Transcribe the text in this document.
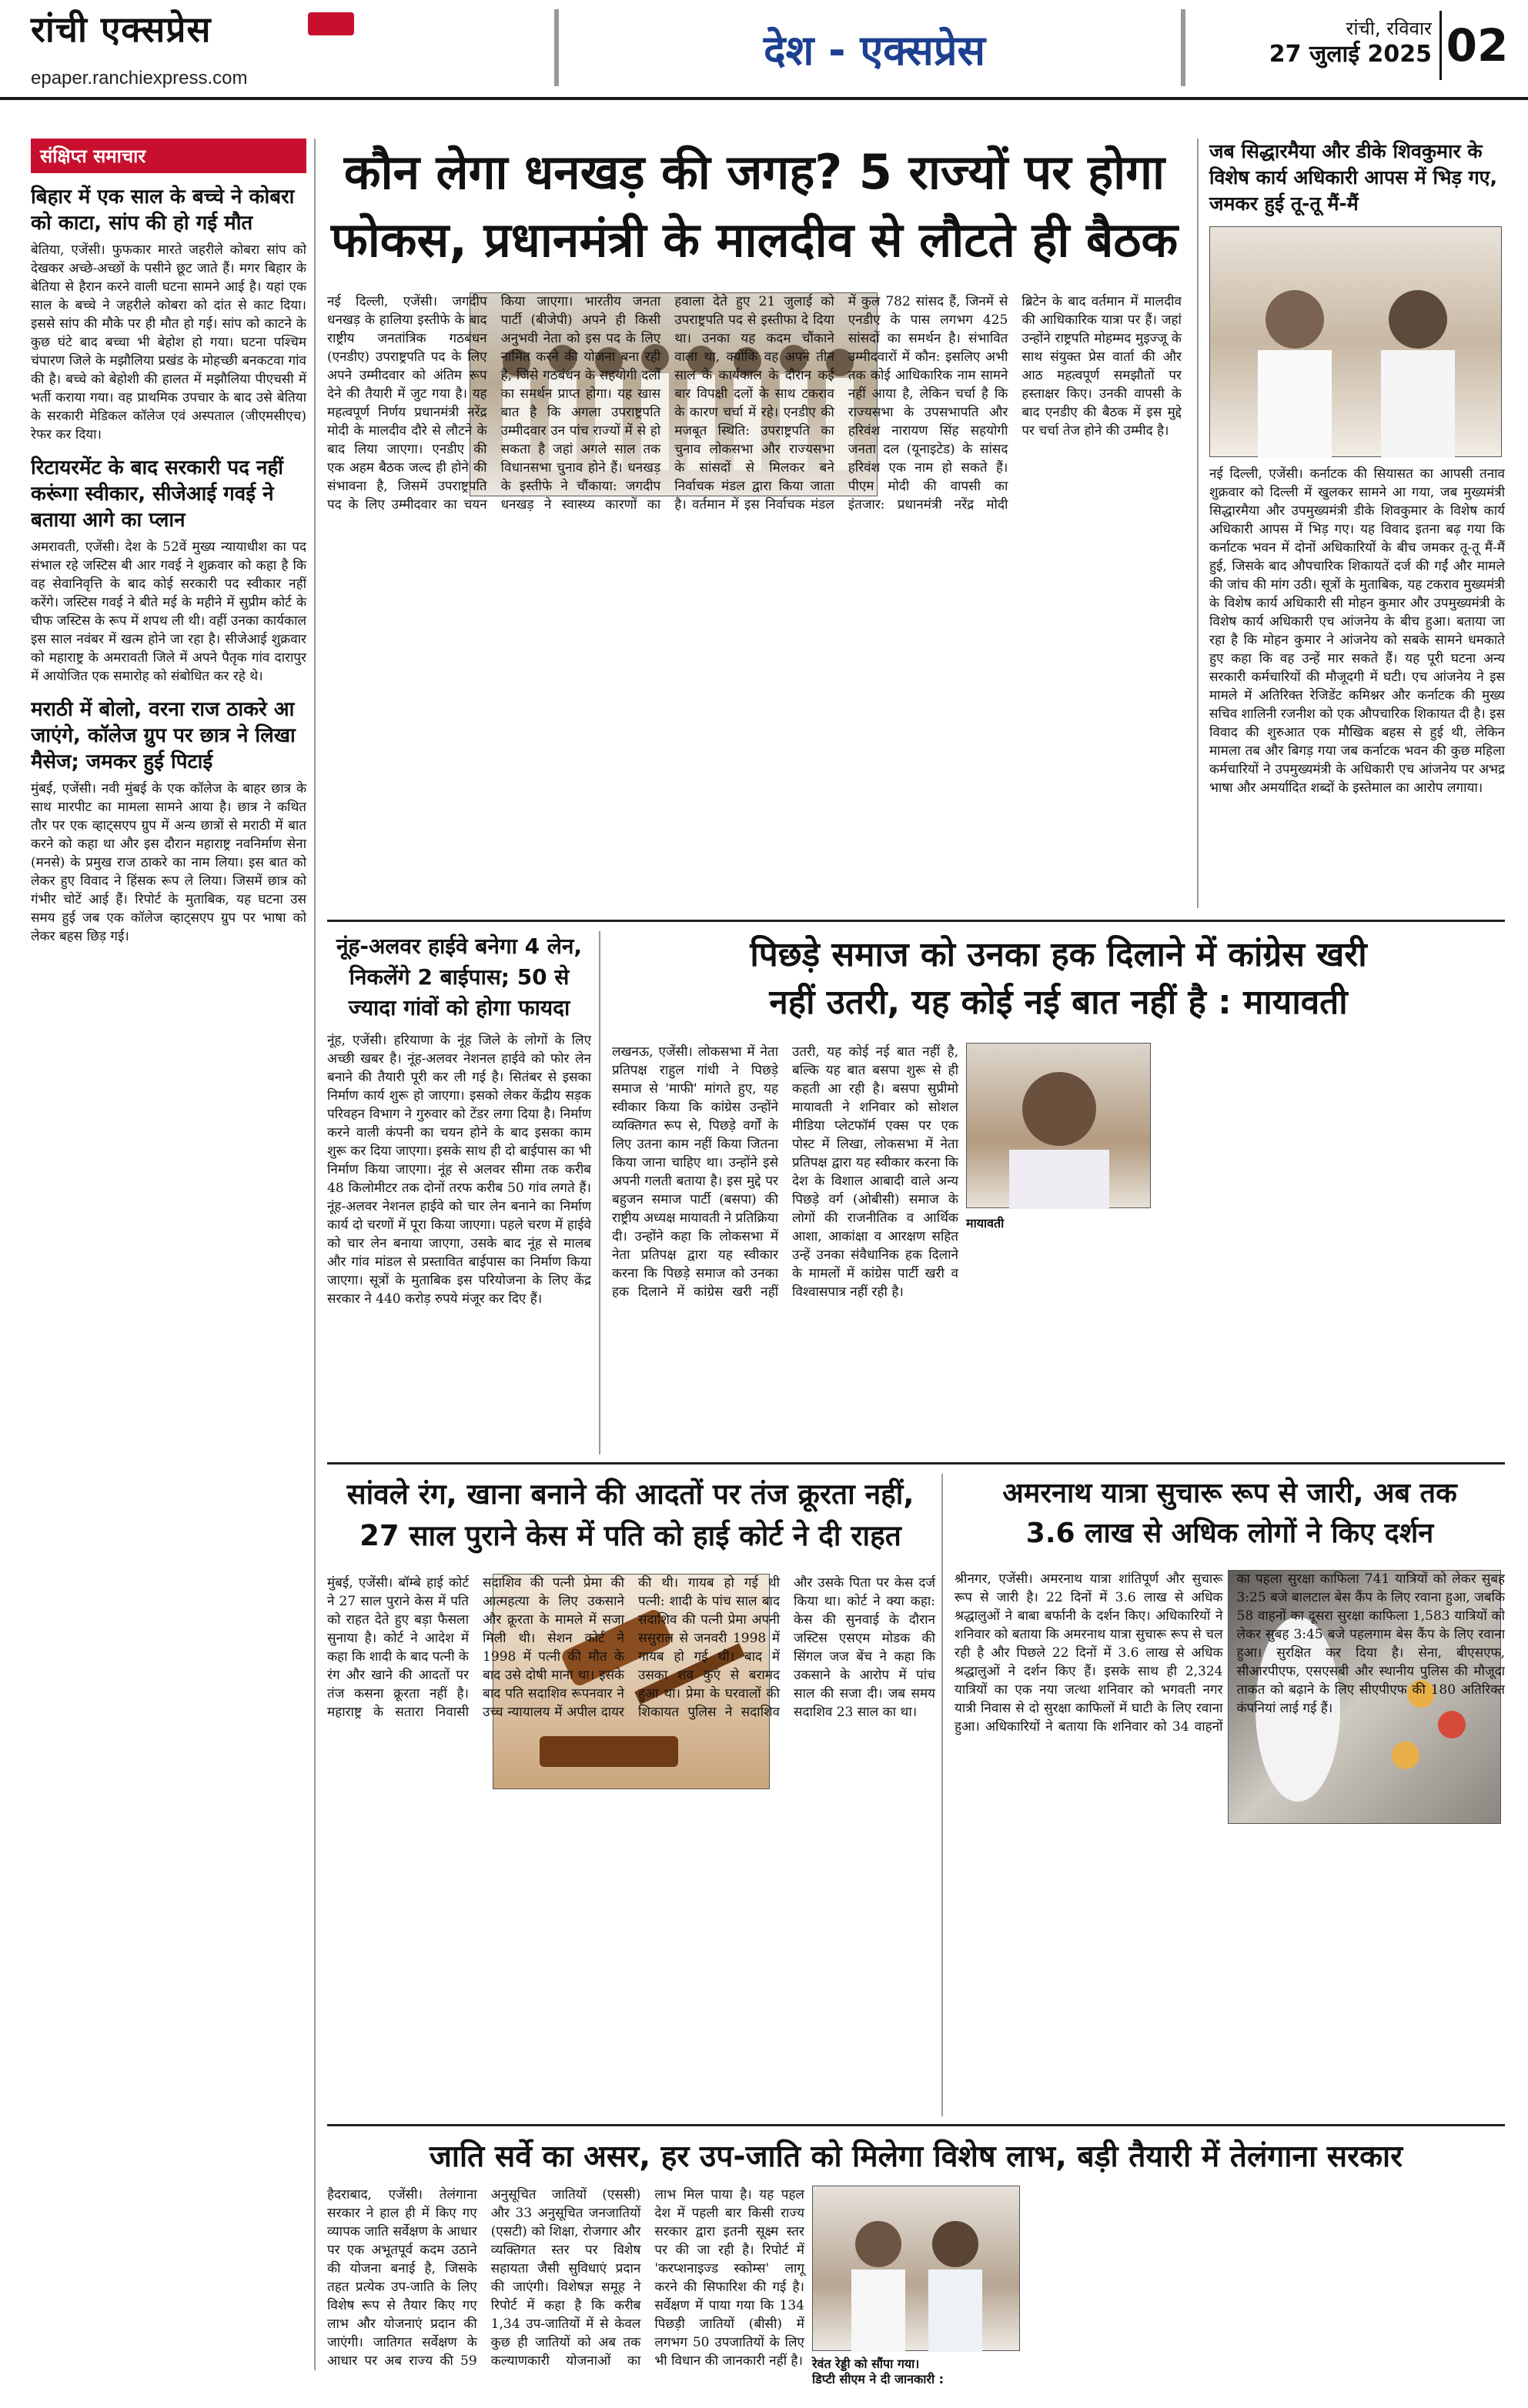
रांची एक्सप्रेस
epaper.ranchiexpress.com
देश - एक्सप्रेस	रांची, रविवार
27 जुलाई 2025 02
संक्षिप्त समाचार
बिहार में एक साल के बच्चे ने कोबरा को काटा, सांप की हो गई मौत

बेतिया, एजेंसी। फुफकार मारते जहरीले कोबरा सांप को देखकर अच्छे-अच्छों के पसीने छूट जाते हैं। मगर बिहार के बेतिया से हैरान करने वाली घटना सामने आई है। यहां एक साल के बच्चे ने जहरीले कोबरा को दांत से काट दिया। इससे सांप की मौके पर ही मौत हो गई। सांप को काटने के कुछ घंटे बाद बच्चा भी बेहोश हो गया। घटना पश्चिम चंपारण जिले के मझौलिया प्रखंड के मोहच्छी बनकटवा गांव की है। बच्चे को बेहोशी की हालत में मझौलिया पीएचसी में भर्ती कराया गया। वह प्राथमिक उपचार के बाद उसे बेतिया के सरकारी मेडिकल कॉलेज एवं अस्पताल (जीएमसीएच) रेफर कर दिया।

रिटायरमेंट के बाद सरकारी पद नहीं करूंगा स्वीकार, सीजेआई गवई ने बताया आगे का प्लान

अमरावती, एजेंसी। देश के 52वें मुख्य न्यायाधीश का पद संभाल रहे जस्टिस बी आर गवई ने शुक्रवार को कहा है कि वह सेवानिवृत्ति के बाद कोई सरकारी पद स्वीकार नहीं करेंगे। जस्टिस गवई ने बीते मई के महीने में सुप्रीम कोर्ट के चीफ जस्टिस के रूप में शपथ ली थी। वहीं उनका कार्यकाल इस साल नवंबर में खत्म होने जा रहा है। सीजेआई शुक्रवार को महाराष्ट्र के अमरावती जिले में अपने पैतृक गांव दारापुर में आयोजित एक समारोह को संबोधित कर रहे थे।

मराठी में बोलो, वरना राज ठाकरे आ जाएंगे, कॉलेज ग्रुप पर छात्र ने लिखा मैसेज; जमकर हुई पिटाई

मुंबई, एजेंसी। नवी मुंबई के एक कॉलेज के बाहर छात्र के साथ मारपीट का मामला सामने आया है। छात्र ने कथित तौर पर एक व्हाट्सएप ग्रुप में अन्य छात्रों से मराठी में बात करने को कहा था और इस दौरान महाराष्ट्र नवनिर्माण सेना (मनसे) के प्रमुख राज ठाकरे का नाम लिया। इस बात को लेकर हुए विवाद ने हिंसक रूप ले लिया। जिसमें छात्र को गंभीर चोटें आई हैं। रिपोर्ट के मुताबिक, यह घटना उस समय हुई जब एक कॉलेज व्हाट्सएप ग्रुप पर भाषा को लेकर बहस छिड़ गई।

कौन लेगा धनखड़ की जगह? 5 राज्यों पर होगा
फोकस, प्रधानमंत्री के मालदीव से लौटते ही बैठक
नई दिल्ली, एजेंसी। जगदीप धनखड़ के हालिया इस्तीफे के बाद राष्ट्रीय जनतांत्रिक गठबंधन (एनडीए) उपराष्ट्रपति पद के लिए अपने उम्मीदवार को अंतिम रूप देने की तैयारी में जुट गया है। यह महत्वपूर्ण निर्णय प्रधानमंत्री नरेंद्र मोदी के मालदीव दौरे से लौटने के बाद लिया जाएगा। एनडीए की एक अहम बैठक जल्द ही होने की संभावना है, जिसमें उपराष्ट्रपति पद के लिए उम्मीदवार का चयन किया जाएगा। भारतीय जनता पार्टी (बीजेपी) अपने ही किसी अनुभवी नेता को इस पद के लिए नामित करने की योजना बना रही है, जिसे गठबंधन के सहयोगी दलों का समर्थन प्राप्त होगा। यह खास बात है कि अगला उपराष्ट्रपति उम्मीदवार उन पांच राज्यों में से हो सकता है जहां अगले साल तक विधानसभा चुनाव होने हैं। धनखड़ के इस्तीफे ने चौंकाया: जगदीप धनखड़ ने स्वास्थ्य कारणों का हवाला देते हुए 21 जुलाई को उपराष्ट्रपति पद से इस्तीफा दे दिया था। उनका यह कदम चौंकाने वाला था, क्योंकि वह अपने तीन साल के कार्यकाल के दौरान कई बार विपक्षी दलों के साथ टकराव के कारण चर्चा में रहे। एनडीए की मजबूत स्थिति: उपराष्ट्रपति का चुनाव लोकसभा और राज्यसभा के सांसदों से मिलकर बने निर्वाचक मंडल द्वारा किया जाता है। वर्तमान में इस निर्वाचक मंडल में कुल 782 सांसद हैं, जिनमें से एनडीए के पास लगभग 425 सांसदों का समर्थन है। संभावित उम्मीदवारों में कौन: इसलिए अभी तक कोई आधिकारिक नाम सामने नहीं आया है, लेकिन चर्चा है कि राज्यसभा के उपसभापति और हरिवंश नारायण सिंह सहयोगी जनता दल (यूनाइटेड) के सांसद हरिवंश एक नाम हो सकते हैं। पीएम मोदी की वापसी का इंतजार: प्रधानमंत्री नरेंद्र मोदी ब्रिटेन के बाद वर्तमान में मालदीव की आधिकारिक यात्रा पर हैं। जहां उन्होंने राष्ट्रपति मोहम्मद मुइज्जू के साथ संयुक्त प्रेस वार्ता की और आठ महत्वपूर्ण समझौतों पर हस्ताक्षर किए। उनकी वापसी के बाद एनडीए की बैठक में इस मुद्दे पर चर्चा तेज होने की उम्मीद है।
जब सिद्धारमैया और डीके शिवकुमार के विशेष कार्य अधिकारी आपस में भिड़ गए, जमकर हुई तू-तू मैं-मैं

नई दिल्ली, एजेंसी। कर्नाटक की सियासत का आपसी तनाव शुक्रवार को दिल्ली में खुलकर सामने आ गया, जब मुख्यमंत्री सिद्धारमैया और उपमुख्यमंत्री डीके शिवकुमार के विशेष कार्य अधिकारी आपस में भिड़ गए। यह विवाद इतना बढ़ गया कि कर्नाटक भवन में दोनों अधिकारियों के बीच जमकर तू-तू मैं-मैं हुई, जिसके बाद औपचारिक शिकायतें दर्ज की गईं और मामले की जांच की मांग उठी। सूत्रों के मुताबिक, यह टकराव मुख्यमंत्री के विशेष कार्य अधिकारी सी मोहन कुमार और उपमुख्यमंत्री के विशेष कार्य अधिकारी एच आंजनेय के बीच हुआ। बताया जा रहा है कि मोहन कुमार ने आंजनेय को सबके सामने धमकाते हुए कहा कि वह उन्हें मार सकते हैं। यह पूरी घटना अन्य सरकारी कर्मचारियों की मौजूदगी में घटी। एच आंजनेय ने इस मामले में अतिरिक्त रेजिडेंट कमिश्नर और कर्नाटक की मुख्य सचिव शालिनी रजनीश को एक औपचारिक शिकायत दी है। इस विवाद की शुरुआत एक मौखिक बहस से हुई थी, लेकिन मामला तब और बिगड़ गया जब कर्नाटक भवन की कुछ महिला कर्मचारियों ने उपमुख्यमंत्री के अधिकारी एच आंजनेय पर अभद्र भाषा और अमर्यादित शब्दों के इस्तेमाल का आरोप लगाया।

नूंह-अलवर हाईवे बनेगा 4 लेन, निकलेंगे 2 बाईपास; 50 से ज्यादा गांवों को होगा फायदा

नूंह, एजेंसी। हरियाणा के नूंह जिले के लोगों के लिए अच्छी खबर है। नूंह-अलवर नेशनल हाईवे को फोर लेन बनाने की तैयारी पूरी कर ली गई है। सितंबर से इसका निर्माण कार्य शुरू हो जाएगा। इसको लेकर केंद्रीय सड़क परिवहन विभाग ने गुरुवार को टेंडर लगा दिया है। निर्माण करने वाली कंपनी का चयन होने के बाद इसका काम शुरू कर दिया जाएगा। इसके साथ ही दो बाईपास का भी निर्माण किया जाएगा। नूंह से अलवर सीमा तक करीब 48 किलोमीटर तक दोनों तरफ करीब 50 गांव लगते हैं। नूंह-अलवर नेशनल हाईवे को चार लेन बनाने का निर्माण कार्य दो चरणों में पूरा किया जाएगा। पहले चरण में हाईवे को चार लेन बनाया जाएगा, उसके बाद नूंह से मालब और गांव मांडल से प्रस्तावित बाईपास का निर्माण किया जाएगा। सूत्रों के मुताबिक इस परियोजना के लिए केंद्र सरकार ने 440 करोड़ रुपये मंजूर कर दिए हैं।

पिछड़े समाज को उनका हक दिलाने में कांग्रेस खरी
नहीं उतरी, यह कोई नई बात नहीं है : मायावती
लखनऊ, एजेंसी। लोकसभा में नेता प्रतिपक्ष राहुल गांधी ने पिछड़े समाज से 'माफी' मांगते हुए, यह स्वीकार किया कि कांग्रेस उन्होंने व्यक्तिगत रूप से, पिछड़े वर्गों के लिए उतना काम नहीं किया जितना किया जाना चाहिए था। उन्होंने इसे अपनी गलती बताया है। इस मुद्दे पर बहुजन समाज पार्टी (बसपा) की राष्ट्रीय अध्यक्ष मायावती ने प्रतिक्रिया दी। उन्होंने कहा कि लोकसभा में नेता प्रतिपक्ष द्वारा यह स्वीकार करना कि पिछड़े समाज को उनका हक दिलाने में कांग्रेस खरी नहीं उतरी, यह कोई नई बात नहीं है, बल्कि यह बात बसपा शुरू से ही कहती आ रही है। बसपा सुप्रीमो मायावती ने शनिवार को सोशल मीडिया प्लेटफॉर्म एक्स पर एक पोस्ट में लिखा, लोकसभा में नेता प्रतिपक्ष द्वारा यह स्वीकार करना कि देश के विशाल आबादी वाले अन्य पिछड़े वर्ग (ओबीसी) समाज के लोगों की राजनीतिक व आर्थिक आशा, आकांक्षा व आरक्षण सहित उन्हें उनका संवैधानिक हक दिलाने के मामलों में कांग्रेस पार्टी खरी व विश्वासपात्र नहीं रही है।
मायावती
सांवले रंग, खाना बनाने की आदतों पर तंज क्रूरता नहीं,
27 साल पुराने केस में पति को हाई कोर्ट ने दी राहत
मुंबई, एजेंसी। बॉम्बे हाई कोर्ट ने 27 साल पुराने केस में पति को राहत देते हुए बड़ा फैसला सुनाया है। कोर्ट ने आदेश में कहा कि शादी के बाद पत्नी के रंग और खाने की आदतों पर तंज कसना क्रूरता नहीं है। महाराष्ट्र के सतारा निवासी सदाशिव की पत्नी प्रेमा की आत्महत्या के लिए उकसाने और क्रूरता के मामले में सजा मिली थी। सेशन कोर्ट ने 1998 में पत्नी की मौत के बाद उसे दोषी माना था। इसके बाद पति सदाशिव रूपनवार ने उच्च न्यायालय में अपील दायर की थी। गायब हो गई थी पत्नी: शादी के पांच साल बाद सदाशिव की पत्नी प्रेमा अपनी ससुराल से जनवरी 1998 में गायब हो गई थी। बाद में उसका शव कुएं से बरामद हुआ था। प्रेमा के घरवालों की शिकायत पुलिस ने सदाशिव और उसके पिता पर केस दर्ज किया था। कोर्ट ने क्या कहा: केस की सुनवाई के दौरान जस्टिस एसएम मोडक की सिंगल जज बेंच ने कहा कि उकसाने के आरोप में पांच साल की सजा दी। जब समय सदाशिव 23 साल का था।
अमरनाथ यात्रा सुचारू रूप से जारी, अब तक
3.6 लाख से अधिक लोगों ने किए दर्शन
श्रीनगर, एजेंसी। अमरनाथ यात्रा शांतिपूर्ण और सुचारू रूप से जारी है। 22 दिनों में 3.6 लाख से अधिक श्रद्धालुओं ने बाबा बर्फानी के दर्शन किए। अधिकारियों ने शनिवार को बताया कि अमरनाथ यात्रा सुचारू रूप से चल रही है और पिछले 22 दिनों में 3.6 लाख से अधिक श्रद्धालुओं ने दर्शन किए हैं। इसके साथ ही 2,324 यात्रियों का एक नया जत्था शनिवार को भगवती नगर यात्री निवास से दो सुरक्षा काफिलों में घाटी के लिए रवाना हुआ। अधिकारियों ने बताया कि शनिवार को 34 वाहनों का पहला सुरक्षा काफिला 741 यात्रियों को लेकर सुबह 3:25 बजे बालटाल बेस कैंप के लिए रवाना हुआ, जबकि 58 वाहनों का दूसरा सुरक्षा काफिला 1,583 यात्रियों को लेकर सुबह 3:45 बजे पहलगाम बेस कैंप के लिए रवाना हुआ। सुरक्षित कर दिया है। सेना, बीएसएफ, सीआरपीएफ, एसएसबी और स्थानीय पुलिस की मौजूदा ताकत को बढ़ाने के लिए सीएपीएफ की 180 अतिरिक्त कंपनियां लाई गई हैं।
जाति सर्वे का असर, हर उप-जाति को मिलेगा विशेष लाभ, बड़ी तैयारी में तेलंगाना सरकार
रेवंत रेड्डी को सौंपा गया।
डिप्टी सीएम ने दी जानकारी :
हैदराबाद, एजेंसी। तेलंगाना सरकार ने हाल ही में किए गए व्यापक जाति सर्वेक्षण के आधार पर एक अभूतपूर्व कदम उठाने की योजना बनाई है, जिसके तहत प्रत्येक उप-जाति के लिए विशेष रूप से तैयार किए गए लाभ और योजनाएं प्रदान की जाएंगी। जातिगत सर्वेक्षण के आधार पर अब राज्य की 59 अनुसूचित जातियों (एससी) और 33 अनुसूचित जनजातियों (एसटी) को शिक्षा, रोजगार और व्यक्तिगत स्तर पर विशेष सहायता जैसी सुविधाएं प्रदान की जाएंगी। विशेषज्ञ समूह ने रिपोर्ट में कहा है कि करीब 1,34 उप-जातियों में से केवल कुछ ही जातियों को अब तक कल्याणकारी योजनाओं का लाभ मिल पाया है। यह पहल देश में पहली बार किसी राज्य सरकार द्वारा इतनी सूक्ष्म स्तर पर की जा रही है। रिपोर्ट में 'करप्शनाइज्ड स्कोम्स' लागू करने की सिफारिश की गई है। सर्वेक्षण में पाया गया कि 134 पिछड़ी जातियों (बीसी) में लगभग 50 उपजातियों के लिए भी विधान की जानकारी नहीं है।
